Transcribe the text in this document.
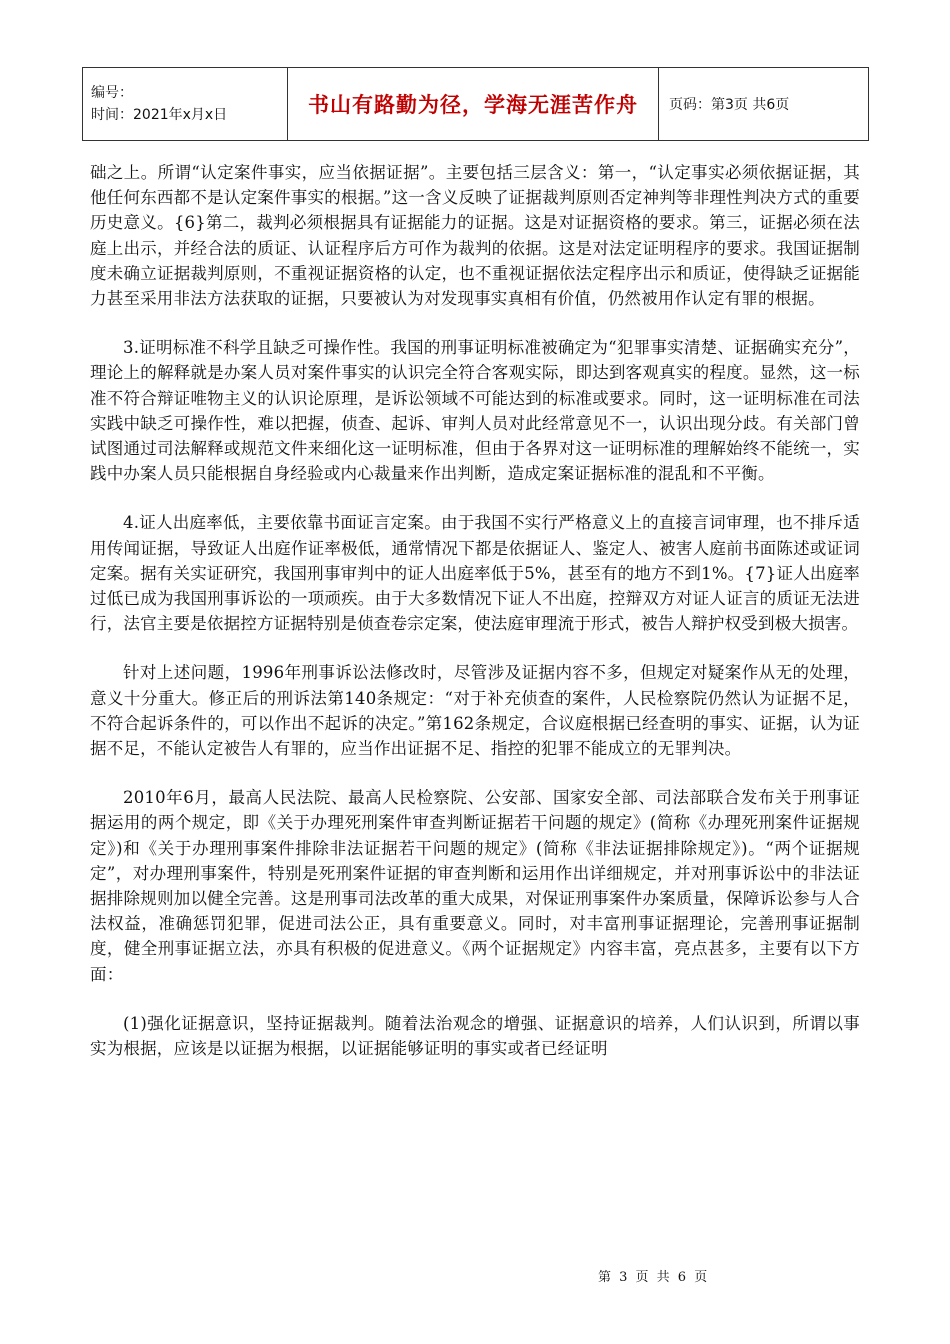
编号：
时间：2021年x月x日	书山有路勤为径，学海无涯苦作舟	页码：第3页 共6页

础之上。所谓“认定案件事实，应当依据证据”。主要包括三层含义：第一，“认定事实必须依据证据，其他任何东西都不是认定案件事实的根据。”这一含义反映了证据裁判原则否定神判等非理性判决方式的重要历史意义。{6}第二，裁判必须根据具有证据能力的证据。这是对证据资格的要求。第三，证据必须在法庭上出示，并经合法的质证、认证程序后方可作为裁判的依据。这是对法定证明程序的要求。我国证据制度未确立证据裁判原则，不重视证据资格的认定，也不重视证据依法定程序出示和质证，使得缺乏证据能力甚至采用非法方法获取的证据，只要被认为对发现事实真相有价值，仍然被用作认定有罪的根据。

3.证明标准不科学且缺乏可操作性。我国的刑事证明标准被确定为“犯罪事实清楚、证据确实充分”，理论上的解释就是办案人员对案件事实的认识完全符合客观实际，即达到客观真实的程度。显然，这一标准不符合辩证唯物主义的认识论原理，是诉讼领域不可能达到的标准或要求。同时，这一证明标准在司法实践中缺乏可操作性，难以把握，侦查、起诉、审判人员对此经常意见不一，认识出现分歧。有关部门曾试图通过司法解释或规范文件来细化这一证明标准，但由于各界对这一证明标准的理解始终不能统一，实践中办案人员只能根据自身经验或内心裁量来作出判断，造成定案证据标准的混乱和不平衡。

4.证人出庭率低，主要依靠书面证言定案。由于我国不实行严格意义上的直接言词审理，也不排斥适用传闻证据，导致证人出庭作证率极低，通常情况下都是依据证人、鉴定人、被害人庭前书面陈述或证词定案。据有关实证研究，我国刑事审判中的证人出庭率低于5%，甚至有的地方不到1%。{7}证人出庭率过低已成为我国刑事诉讼的一项顽疾。由于大多数情况下证人不出庭，控辩双方对证人证言的质证无法进行，法官主要是依据控方证据特别是侦查卷宗定案，使法庭审理流于形式，被告人辩护权受到极大损害。

针对上述问题，1996年刑事诉讼法修改时，尽管涉及证据内容不多，但规定对疑案作从无的处理，意义十分重大。修正后的刑诉法第140条规定：“对于补充侦查的案件，人民检察院仍然认为证据不足，不符合起诉条件的，可以作出不起诉的决定。”第162条规定，合议庭根据已经查明的事实、证据，认为证据不足，不能认定被告人有罪的，应当作出证据不足、指控的犯罪不能成立的无罪判决。

2010年6月，最高人民法院、最高人民检察院、公安部、国家安全部、司法部联合发布关于刑事证据运用的两个规定，即《关于办理死刑案件审查判断证据若干问题的规定》(简称《办理死刑案件证据规定》)和《关于办理刑事案件排除非法证据若干问题的规定》(简称《非法证据排除规定》)。“两个证据规定”，对办理刑事案件，特别是死刑案件证据的审查判断和运用作出详细规定，并对刑事诉讼中的非法证据排除规则加以健全完善。这是刑事司法改革的重大成果，对保证刑事案件办案质量，保障诉讼参与人合法权益，准确惩罚犯罪，促进司法公正，具有重要意义。同时，对丰富刑事证据理论，完善刑事证据制度，健全刑事证据立法，亦具有积极的促进意义。《两个证据规定》内容丰富，亮点甚多，主要有以下方面：

(1)强化证据意识，坚持证据裁判。随着法治观念的增强、证据意识的培养，人们认识到，所谓以事实为根据，应该是以证据为根据，以证据能够证明的事实或者已经证明

第 3 页 共 6 页
